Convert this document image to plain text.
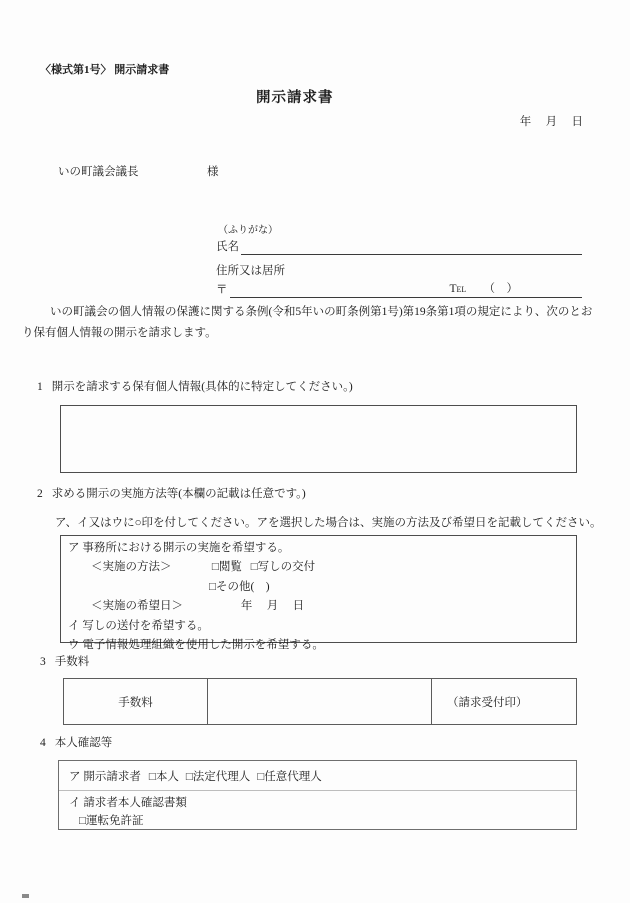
〈様式第1号〉 開示請求書
開示請求書
年　 月　 日
いの町議会議長	様
（ふりがな）
氏名
住所又は居所
〒	Tel （　）
いの町議会の個人情報の保護に関する条例(令和5年いの町条例第1号)第19条第1項の規定により、次のとおり保有個人情報の開示を請求します。
1 開示を請求する保有個人情報(具体的に特定してください。)
2 求める開示の実施方法等(本欄の記載は任意です。)
ア、イ又はウに○印を付してください。アを選択した場合は、実施の方法及び希望日を記載してください。
ア 事務所における開示の実施を希望する。
＜実施の方法＞	□閲覧 □写しの交付
□その他(　)
＜実施の希望日＞	年　 月　 日
イ 写しの送付を希望する。
ウ 電子情報処理組織を使用した開示を希望する。
3 手数料
手数料	（請求受付印）
4 本人確認等
ア 開示請求者 □本人 □法定代理人 □任意代理人
イ 請求者本人確認書類
□運転免許証
